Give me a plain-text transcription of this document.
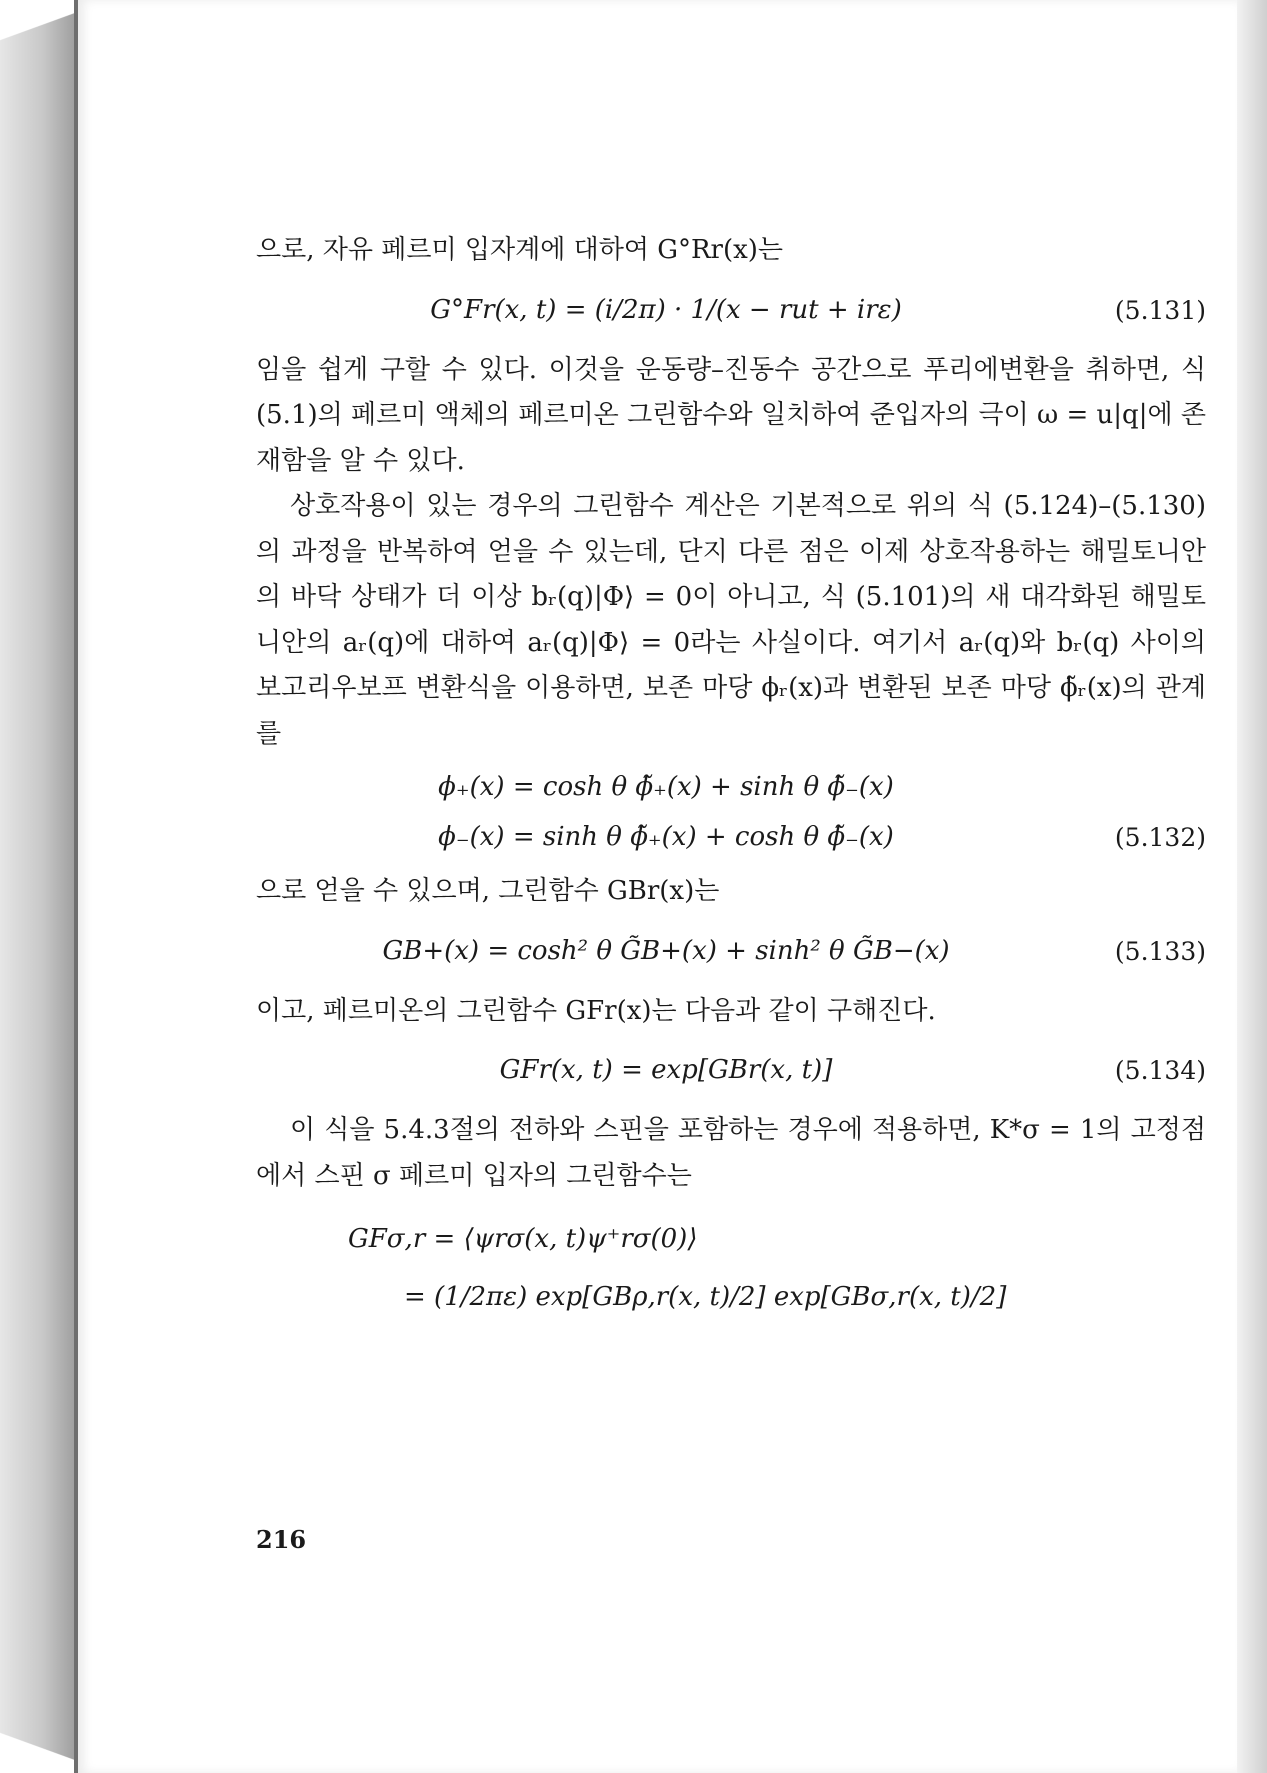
으로, 자유 페르미 입자계에 대하여 G°Rr(x)는

G°Fr(x, t) = (i/2π) · 1/(x − rut + irε)	(5.131)

임을 쉽게 구할 수 있다. 이것을 운동량–진동수 공간으로 푸리에변환을 취하면, 식 (5.1)의 페르미 액체의 페르미온 그린함수와 일치하여 준입자의 극이 ω = u|q|에 존재함을 알 수 있다.

상호작용이 있는 경우의 그린함수 계산은 기본적으로 위의 식 (5.124)–(5.130)의 과정을 반복하여 얻을 수 있는데, 단지 다른 점은 이제 상호작용하는 해밀토니안의 바닥 상태가 더 이상 bᵣ(q)|Φ⟩ = 0이 아니고, 식 (5.101)의 새 대각화된 해밀토니안의 aᵣ(q)에 대하여 aᵣ(q)|Φ⟩ = 0라는 사실이다. 여기서 aᵣ(q)와 bᵣ(q) 사이의 보고리우보프 변환식을 이용하면, 보존 마당 ϕᵣ(x)과 변환된 보존 마당 ϕ̃ᵣ(x)의 관계를

ϕ₊(x) = cosh θ ϕ̃₊(x) + sinh θ ϕ̃₋(x)
ϕ₋(x) = sinh θ ϕ̃₊(x) + cosh θ ϕ̃₋(x)	(5.132)

으로 얻을 수 있으며, 그린함수 GBr(x)는

GB+(x) = cosh² θ G̃B+(x) + sinh² θ G̃B−(x)	(5.133)

이고, 페르미온의 그린함수 GFr(x)는 다음과 같이 구해진다.

GFr(x, t) = exp[GBr(x, t)]	(5.134)

이 식을 5.4.3절의 전하와 스핀을 포함하는 경우에 적용하면, K*σ = 1의 고정점에서 스핀 σ 페르미 입자의 그린함수는

GFσ,r = ⟨ψrσ(x, t)ψ⁺rσ(0)⟩
= (1/2πε) exp[GBρ,r(x, t)/2] exp[GBσ,r(x, t)/2]
216
